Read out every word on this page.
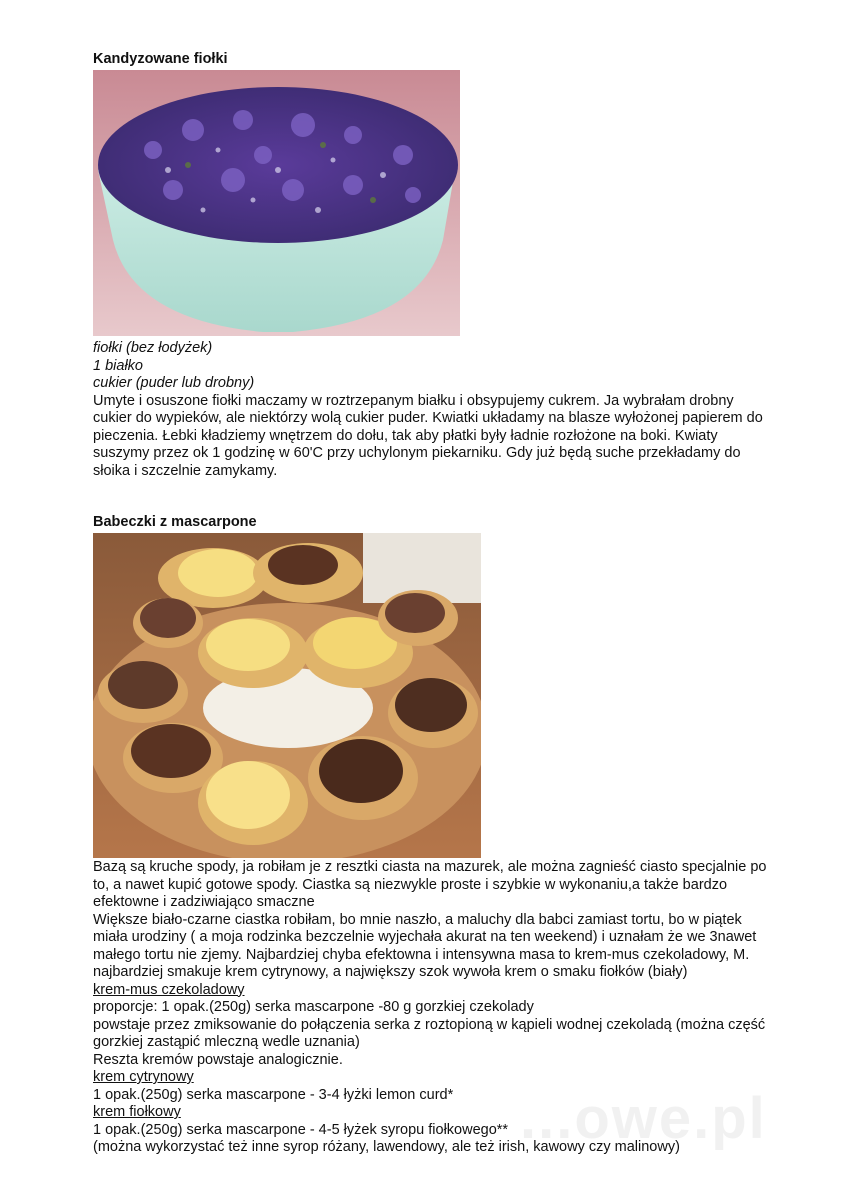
Kandyzowane fiołki

fiołki (bez łodyżek)

1 białko

cukier (puder lub drobny)

Umyte i osuszone fiołki maczamy w roztrzepanym białku i obsypujemy cukrem. Ja wybrałam drobny

cukier do wypieków, ale niektórzy wolą cukier puder. Kwiatki układamy na blasze wyłożonej papierem do

pieczenia. Łebki kładziemy wnętrzem do dołu, tak aby płatki były ładnie rozłożone na boki. Kwiaty

suszymy przez ok 1 godzinę w 60'C przy uchylonym piekarniku. Gdy już będą suche przekładamy do

słoika i szczelnie zamykamy.

Babeczki z mascarpone

Bazą są kruche spody, ja robiłam je z resztki ciasta na mazurek, ale można zagnieść ciasto specjalnie po

to, a nawet kupić gotowe spody. Ciastka są niezwykle proste i szybkie w wykonaniu,a także bardzo

efektowne i zadziwiająco smaczne

Większe biało-czarne ciastka robiłam, bo mnie naszło, a maluchy dla babci zamiast tortu, bo w piątek

miała urodziny ( a moja rodzinka bezczelnie wyjechała akurat na ten weekend) i uznałam że we 3nawet

małego tortu nie zjemy. Najbardziej chyba efektowna i intensywna masa to krem-mus czekoladowy, M.

najbardziej smakuje krem cytrynowy, a największy szok wywoła krem o smaku fiołków (biały)

krem-mus czekoladowy

proporcje: 1 opak.(250g) serka mascarpone -80 g gorzkiej czekolady

powstaje przez zmiksowanie do połączenia serka z roztopioną w kąpieli wodnej czekoladą (można część

gorzkiej zastąpić mleczną wedle uznania)

Reszta kremów powstaje analogicznie.

krem cytrynowy

1 opak.(250g) serka mascarpone - 3-4 łyżki lemon curd*

krem fiołkowy

1 opak.(250g) serka mascarpone - 4-5 łyżek syropu fiołkowego**

(można wykorzystać też inne syrop różany, lawendowy, ale też irish, kawowy czy malinowy)

...owe.pl
